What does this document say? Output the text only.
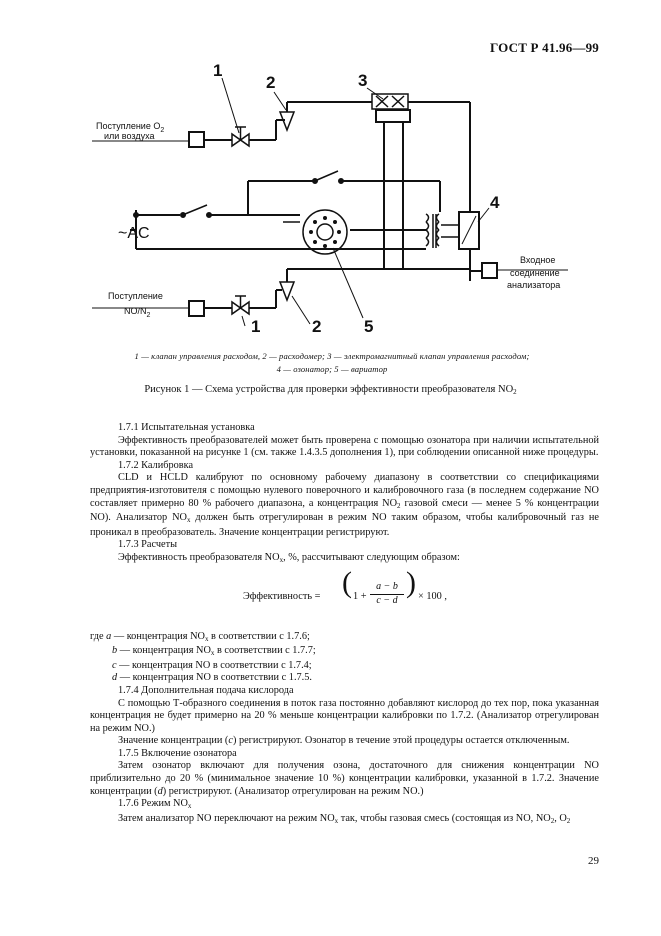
ГОСТ Р 41.96—99
1
2	3
4
1	2	5
~AC
Поступление $O_2$
или воздуха
Поступление
$NO/N_2$
Входное
соединение
анализатора
1 — клапан управления расходом, 2 — расходомер; 3 — электромагнитный клапан управления расходом;
4 — озонатор; 5 — вариатор
Рисунок 1 — Схема устройства для проверки эффективности преобразователя $NO_2$

1.7.1 Испытательная установка

Эффективность преобразователей может быть проверена с помощью озонатора при наличии испытательной установки, показанной на рисунке 1 (см. также 1.4.3.5 дополнения 1), при соблюдении описанной ниже процедуры.

1.7.2 Калибровка

CLD и HCLD калибруют по основному рабочему диапазону в соответствии со спецификациями предприятия-изготовителя с помощью нулевого поверочного и калибровочного газа (в последнем содержание NO составляет примерно 80 % рабочего диапазона, а концентрация $NO_2$ газовой смеси — менее 5 % концентрации NO). Анализатор $NO_x$ должен быть отрегулирован в режим NO таким образом, чтобы калибровочный газ не проникал в преобразователь. Значение концентрации регистрируют.

1.7.3 Расчеты

Эффективность преобразователя $NO_x$, %, рассчитывают следующим образом:

Эффективность = ( $1 + \frac{a - b}{c - d}$ ) × 100 ,

где a — концентрация $NO_x$ в соответствии с 1.7.6;

b — концентрация $NO_x$ в соответствии с 1.7.7;

c — концентрация NO в соответствии с 1.7.4;

d — концентрация NO в соответствии с 1.7.5.

1.7.4 Дополнительная подача кислорода

С помощью Т-образного соединения в поток газа постоянно добавляют кислород до тех пор, пока указанная концентрация не будет примерно на 20 % меньше концентрации калибровки по 1.7.2. (Анализатор отрегулирован на режим NO.)

Значение концентрации (c) регистрируют. Озонатор в течение этой процедуры остается отключенным.

1.7.5 Включение озонатора

Затем озонатор включают для получения озона, достаточного для снижения концентрации NO приблизительно до 20 % (минимальное значение 10 %) концентрации калибровки, указанной в 1.7.2. Значение концентрации (d) регистрируют. (Анализатор отрегулирован на режим NO.)

1.7.6 Режим $NO_x$

Затем анализатор NO переключают на режим $NO_x$ так, чтобы газовая смесь (состоящая из NO, $NO_2$, $O_2$

29
